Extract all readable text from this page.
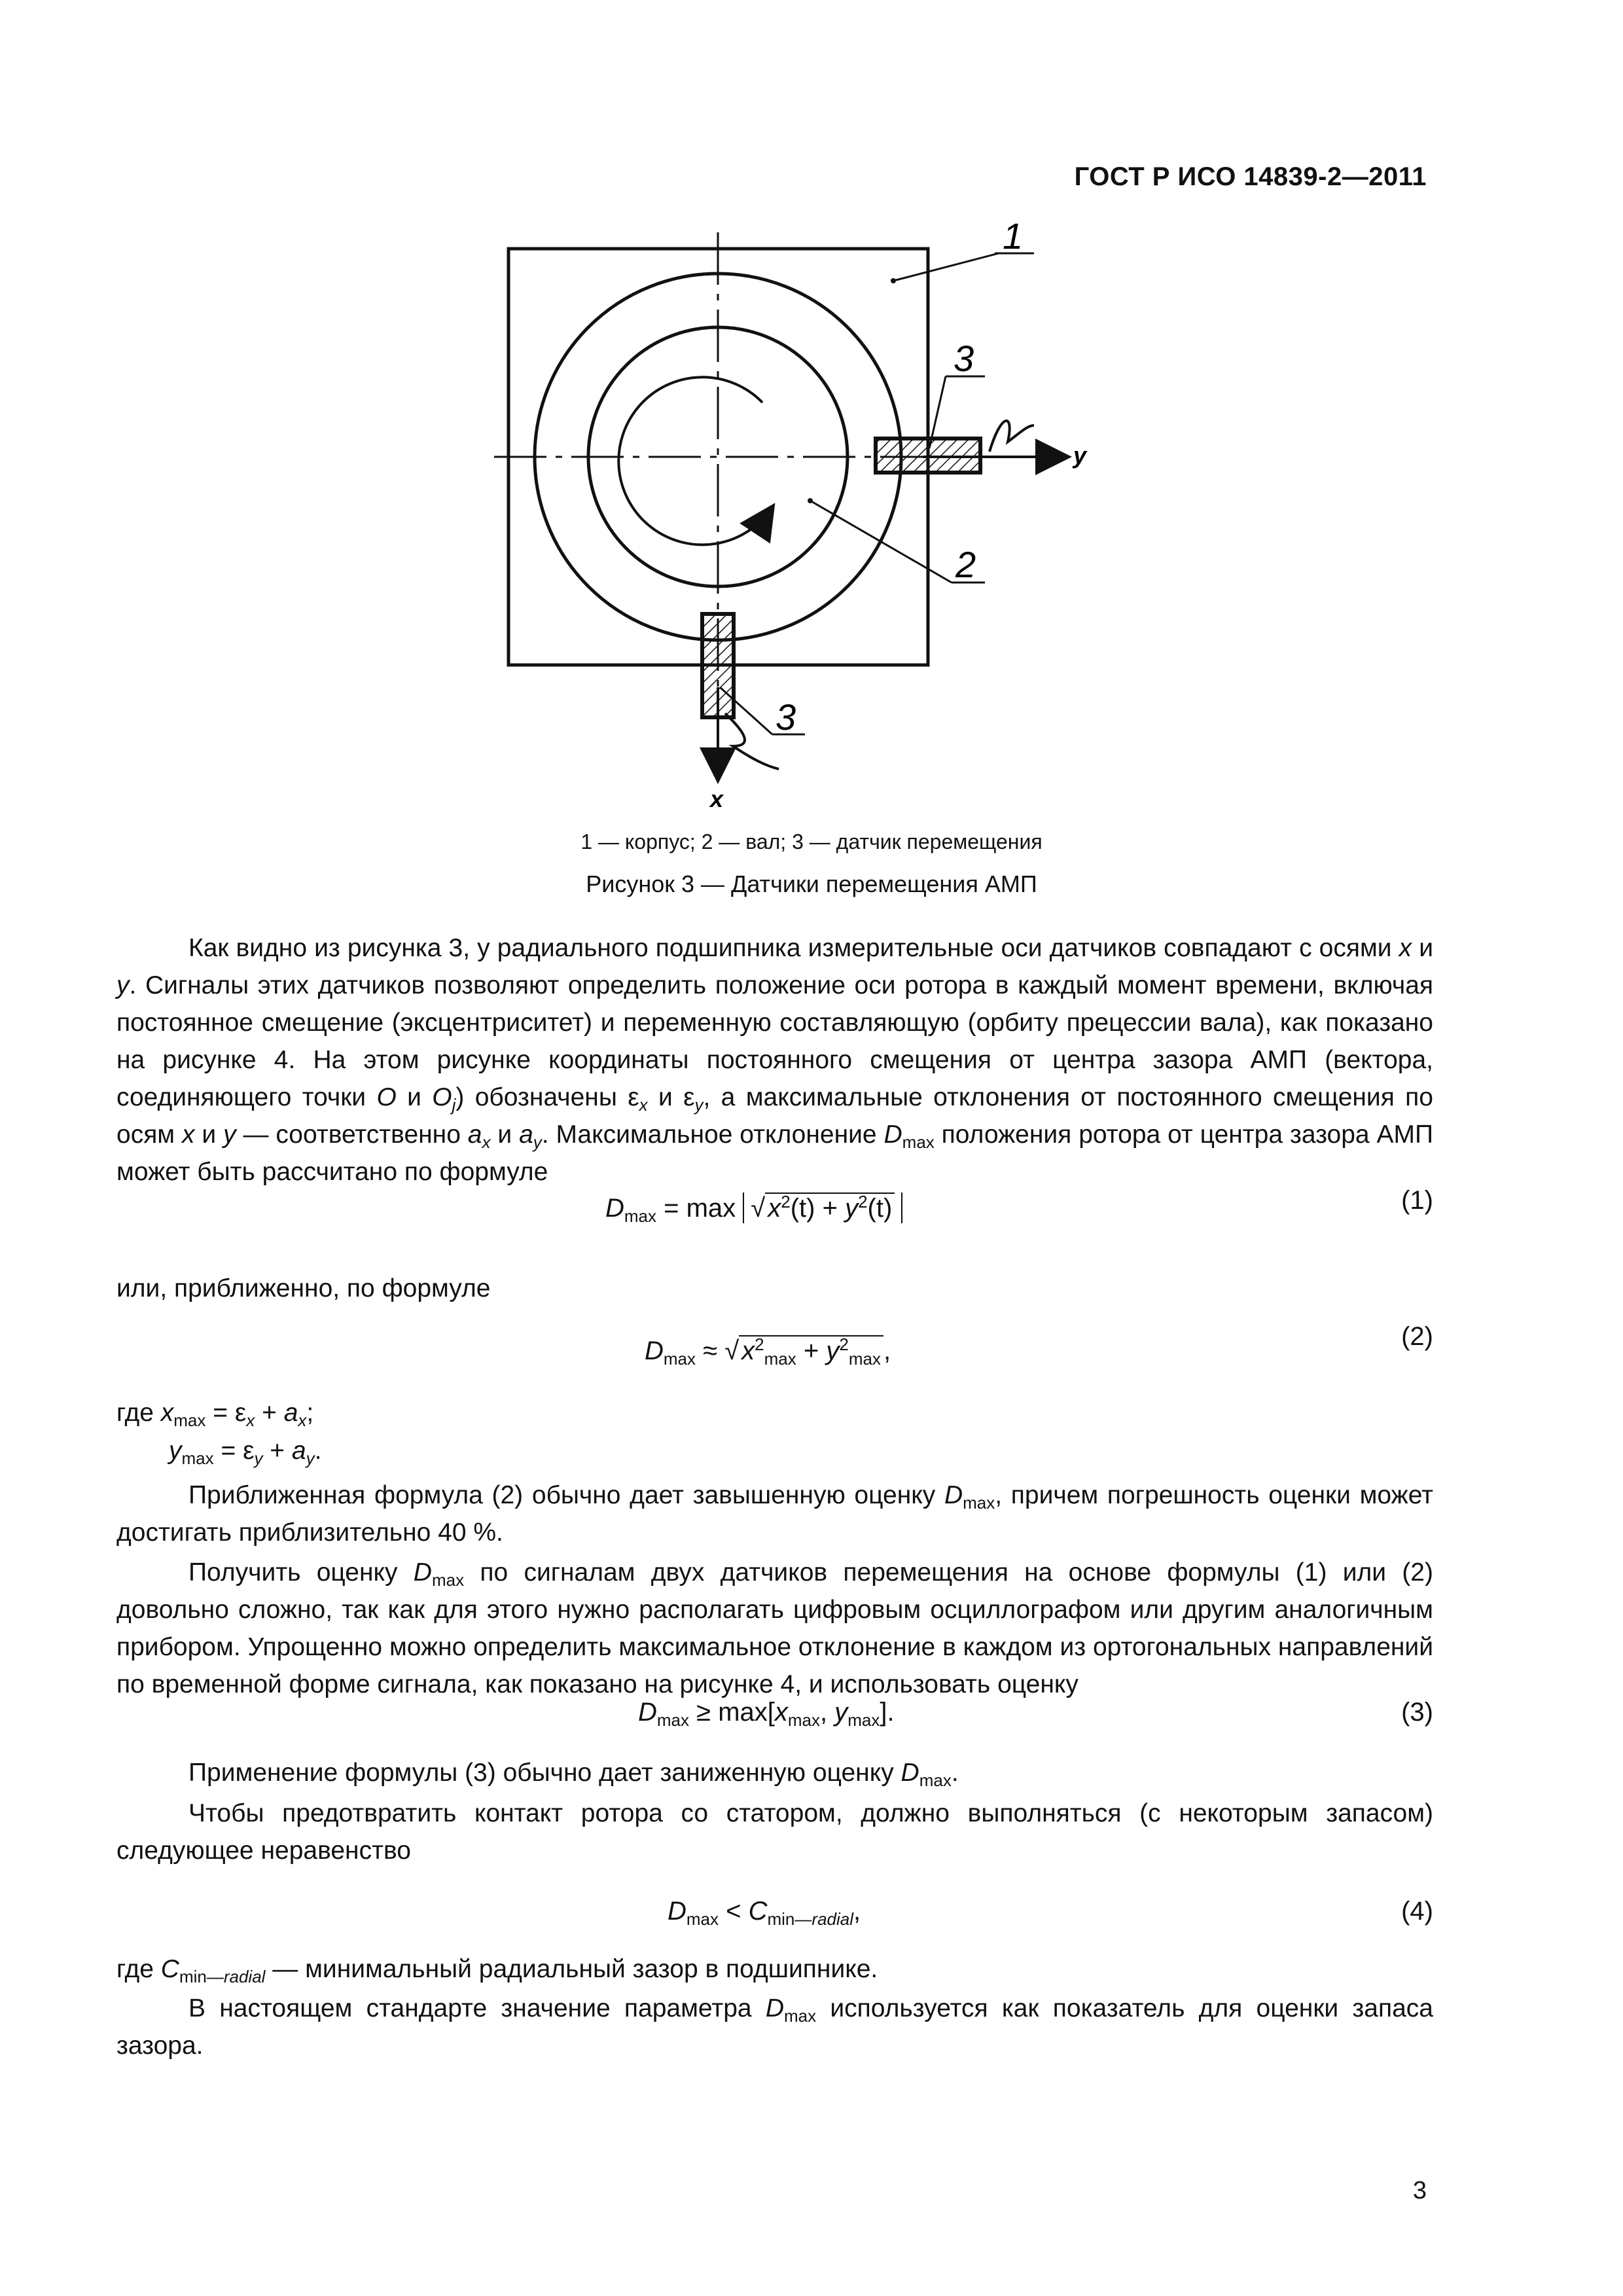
ГОСТ Р ИСО 14839-2—2011
1
3
2
3
y
x
1 — корпус; 2 — вал; 3 — датчик перемещения
Рисунок 3 — Датчики перемещения АМП
Как видно из рисунка 3, у радиального подшипника измерительные оси датчиков совпадают с осями x и y. Сигналы этих датчиков позволяют определить положение оси ротора в каждый момент времени, включая постоянное смещение (эксцентриситет) и переменную составляющую (орбиту прецессии вала), как показано на рисунке 4. На этом рисунке координаты постоянного смещения от центра зазора АМП (вектора, соединяющего точки O и $O_j$) обозначены $\varepsilon_x$ и $\varepsilon_y$, а максимальные отклонения от постоянного смещения по осям x и y — соответственно $a_x$ и $a_y$. Максимальное отклонение $D_{max}$ положения ротора от центра зазора АМП может быть рассчитано по формуле
$D_{max} = \max$ √ $x^2(t) + y^2(t)$	(1)
или, приближенно, по формуле
$D_{max}$ ≈ √ $x^2_{max} + y^2_{max}$ ,	(2)
где $x_{max} = \varepsilon_x + a_x$;
$y_{max} = \varepsilon_y + a_y$.
Приближенная формула (2) обычно дает завышенную оценку $D_{max}$, причем погрешность оценки может достигать приблизительно 40 %.
Получить оценку $D_{max}$ по сигналам двух датчиков перемещения на основе формулы (1) или (2) довольно сложно, так как для этого нужно располагать цифровым осциллографом или другим аналогичным прибором. Упрощенно можно определить максимальное отклонение в каждом из ортогональных направлений по временной форме сигнала, как показано на рисунке 4, и использовать оценку
$D_{max} \ge \max[x_{max}$, $y_{max}$].	(3)
Применение формулы (3) обычно дает заниженную оценку $D_{max}$.
Чтобы предотвратить контакт ротора со статором, должно выполняться (с некоторым запасом) следующее неравенство
$D_{max} < C_{min—radial}$,	(4)
где $C_{min—radial}$ — минимальный радиальный зазор в подшипнике.
В настоящем стандарте значение параметра $D_{max}$ используется как показатель для оценки запаса зазора.
3
